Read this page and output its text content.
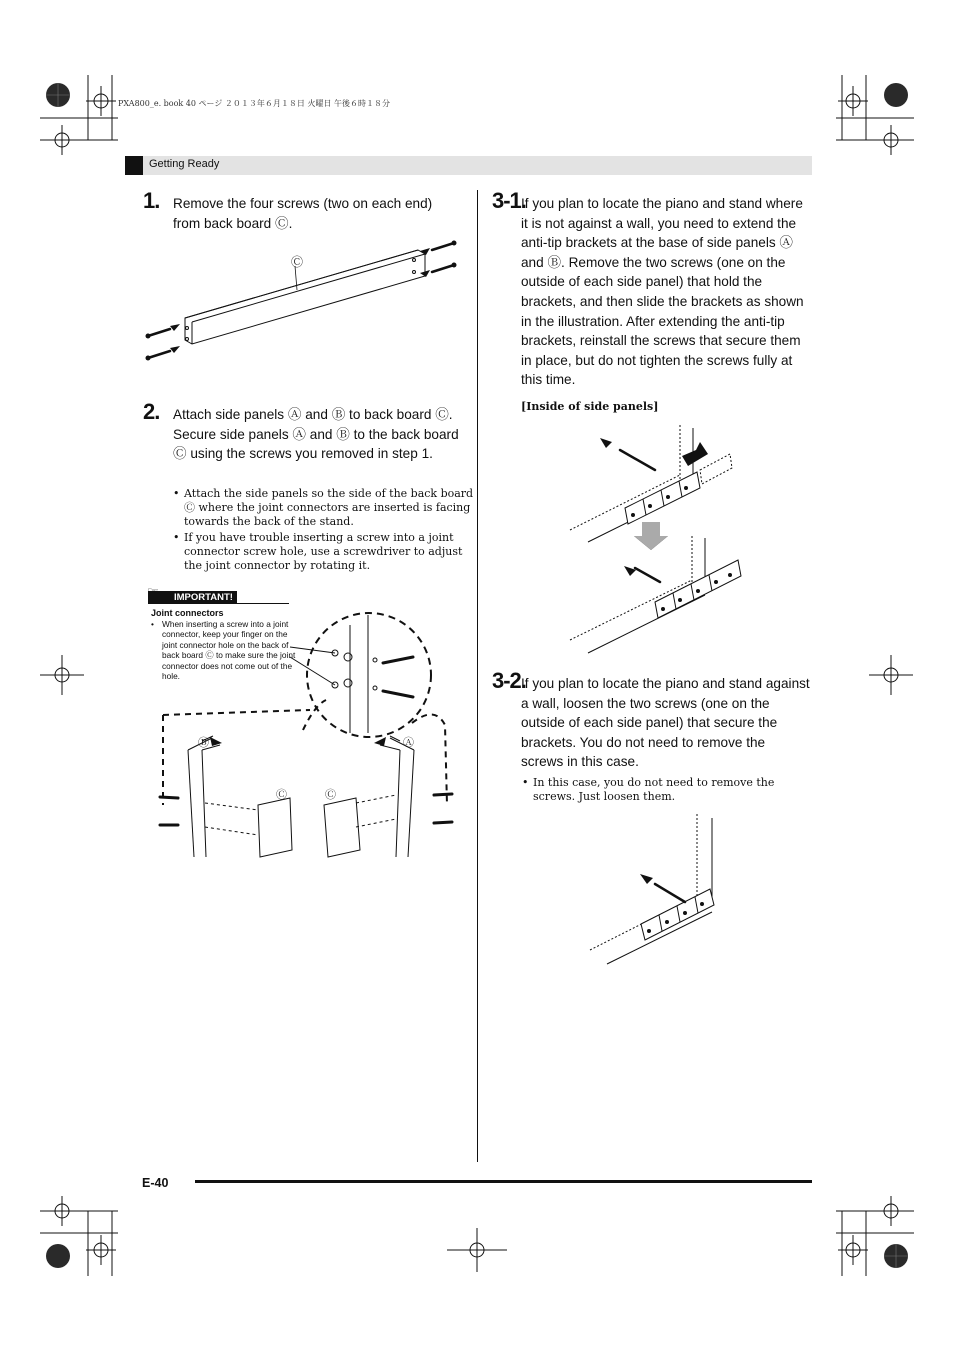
PXA800_e. book 40 ページ ２０１３年６月１８日 火曜日 午後６時１８分
Getting Ready
1. Remove the four screws (two on each end) from back board Ⓒ.
Ⓒ
2. Attach side panels Ⓐ and Ⓑ to back board Ⓒ. Secure side panels Ⓐ and Ⓑ to the back board Ⓒ using the screws you removed in step 1.
• Attach the side panels so the side of the back board Ⓒ where the joint connectors are inserted is facing towards the back of the stand.
• If you have trouble inserting a screw into a joint connector screw hole, use a screwdriver to adjust the joint connector by rotating it.
IMPORTANT!
Joint connectors
• When inserting a screw into a joint connector, keep your finger on the joint connector hole on the back of back board Ⓒ to make sure the joint connector does not come out of the hole.
Ⓑ	Ⓐ
Ⓒ	Ⓒ
3-1.
If you plan to locate the piano and stand where it is not against a wall, you need to extend the anti-tip brackets at the base of side panels Ⓐ and Ⓑ. Remove the two screws (one on the outside of each side panel) that hold the brackets, and then slide the brackets as shown in the illustration. After extending the anti-tip brackets, reinstall the screws that secure them in place, but do not tighten the screws fully at this time.
[Inside of side panels]
3-2.
If you plan to locate the piano and stand against a wall, loosen the two screws (one on the outside of each side panel) that secure the brackets. You do not need to remove the screws in this case.
• In this case, you do not need to remove the screws. Just loosen them.
E-40
